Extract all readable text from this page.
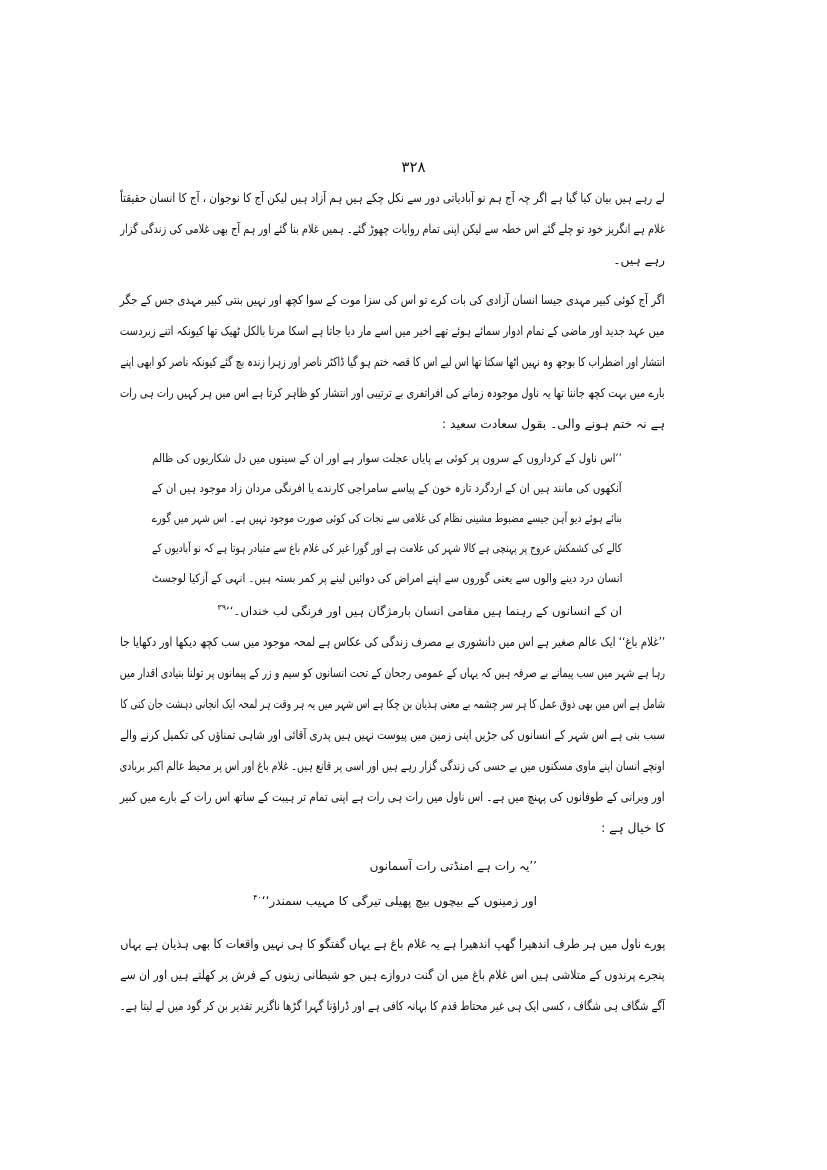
۳۲۸
لے رہے ہیں بیان کیا گیا ہے اگر چہ آج ہم نو آبادیاتی دور سے نکل چکے ہیں ہم آزاد ہیں لیکن آج کا نوجوان ، آج کا انسان حقیقتاً
غلام ہے انگریز خود تو چلے گئے اس خطہ سے لیکن اپنی تمام روایات چھوڑ گئے۔ ہمیں غلام بنا گئے اور ہم آج بھی غلامی کی زندگی گزار
رہے ہیں۔
اگر آج کوئی کبیر مہدی جیسا انسان آزادی کی بات کرے تو اس کی سزا موت کے سوا کچھ اور نہیں بنتی کبیر مہدی جس کے جگر
میں عہد جدید اور ماضی کے تمام ادوار سمائے ہوئے تھے اخیر میں اسے مار دیا جاتا ہے اسکا مرنا بالکل ٹھیک تھا کیونکہ اتنے زبردست
انتشار اور اضطراب کا بوجھ وہ نہیں اٹھا سکتا تھا اس لیے اس کا قصہ ختم ہو گیا ڈاکٹر ناصر اور زہرا زندہ بچ گئے کیونکہ ناصر کو ابھی اپنے
بارے میں بہت کچھ جاننا تھا یہ ناول موجودہ زمانے کی افراتفری بے ترتیبی اور انتشار کو ظاہر کرتا ہے اس میں ہر کہیں رات ہی رات
ہے نہ ختم ہونے والی۔ بقول سعادت سعید :
’’اس ناول کے کرداروں کے سروں پر کوئی بے پایاں عجلت سوار ہے اور ان کے سینوں میں دل شکاریوں کی ظالم
آنکھوں کی مانند ہیں ان کے اردگرد تازہ خون کے پیاسے سامراجی کارندے یا افرنگی مردان زاد موجود ہیں ان کے
بنائے ہوئے دیو آہن جیسے مضبوط مشینی نظام کی غلامی سے نجات کی کوئی صورت موجود نہیں ہے۔ اس شہر میں گورے
کالے کی کشمکش عروج پر پہنچی ہے کالا شہر کی علامت ہے اور گورا غیر کی غلام باغ سے متبادر ہوتا ہے کہ نو آبادیوں کے
انسان درد دینے والوں سے یعنی گوروں سے اپنے امراض کی دوائیں لینے پر کمر بستہ ہیں۔ انہی کے آزکیا لوجسٹ
ان کے انسانوں کے رہنما ہیں مقامی انسان بارمژگان ہیں اور فرنگی لب خنداں۔‘‘$^{۳۹}$
’’غلام باغ‘‘ ایک عالم صغیر ہے اس میں دانشوری بے مصرف زندگی کی عکاس ہے لمحہ موجود میں سب کچھ دیکھا اور دکھایا جا
رہا ہے شہر میں سب پیمانے بے صرفہ ہیں کہ یہاں کے عمومی رجحان کے تحت انسانوں کو سیم و زر کے پیمانوں پر تولنا بنیادی اقدار میں
شامل ہے اس میں بھی ذوق عمل کا ہر سر چشمہ بے معنی ہذیان بن چکا ہے اس شہر میں یہ ہر وقت ہر لمحہ ایک انجانی دہشت جان کنی کا
سبب بنی ہے اس شہر کے انسانوں کی جڑیں اپنی زمین میں پیوست نہیں ہیں پدری آقائی اور شاہی تمناؤں کی تکمیل کرنے والے
اونچے انسان اپنے ماوی مسکنوں میں بے حسی کی زندگی گزار رہے ہیں اور اسی پر قانع ہیں۔ غلام باغ اور اس پر محیط عالم اکبر بربادی
اور ویرانی کے طوفانوں کی پہنچ میں ہے۔ اس ناول میں رات ہی رات ہے اپنی تمام تر ہیبت کے ساتھ اس رات کے بارے میں کبیر
کا خیال ہے :
’’یہ رات ہے امنڈتی رات آسمانوں
اور زمینوں کے بیچوں بیچ پھیلی تیرگی کا مہیب سمندر‘‘$^{۴۰}$
پورے ناول میں ہر طرف اندھیرا گھپ اندھیرا ہے یہ غلام باغ ہے یہاں گفتگو کا ہی نہیں واقعات کا بھی ہذیان ہے یہاں
پنجرے پرندوں کے متلاشی ہیں اس غلام باغ میں ان گنت دروازے ہیں جو شیطانی زینوں کے فرش پر کھلتے ہیں اور ان سے
آگے شگاف ہی شگاف ، کسی ایک ہی غیر محتاط قدم کا بہانہ کافی ہے اور ڈراؤنا گہرا گڑھا ناگزیر تقدیر بن کر گود میں لے لیتا ہے۔
